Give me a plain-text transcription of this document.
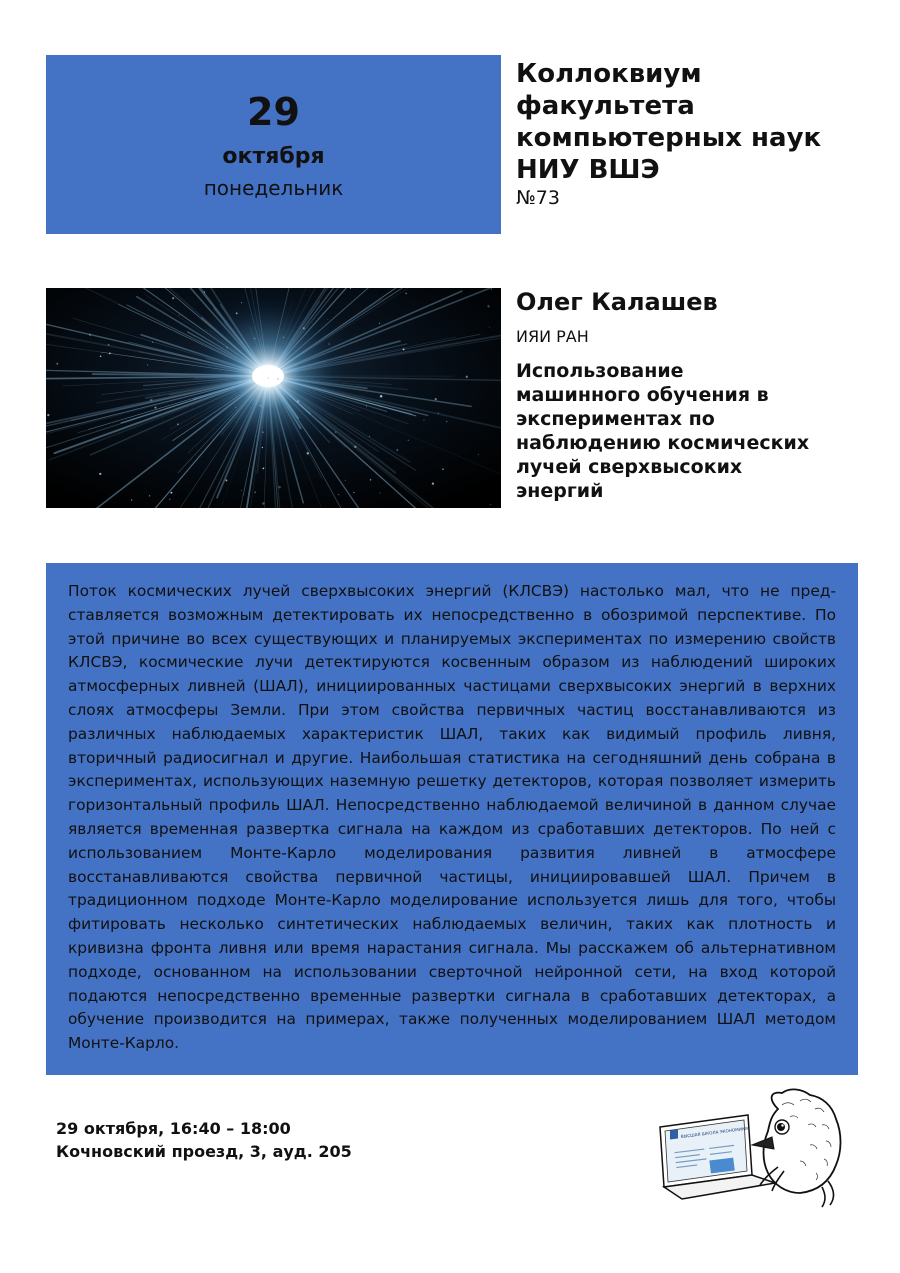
29
октября
понедельник
Коллоквиум
факультета
компьютерных наук
НИУ ВШЭ
№73
Олег Калашев
ИЯИ РАН
Использование
машинного обучения в
экспериментах по
наблюдению космических
лучей сверхвысоких
энергий
Поток космических лучей сверхвысоких энергий (КЛСВЭ) настолько мал, что не представляется возможным детектировать их непосредственно в обозримой перспективе. По этой причине во всех существующих и планируемых экспериментах по измерению свойств КЛСВЭ, космические лучи детектируются косвенным образом из наблюдений широких атмосферных ливней (ШАЛ), инициированных частицами сверхвысоких энергий в верхних слоях атмосферы Земли. При этом свойства первичных частиц восстанавливаются из различных наблюдаемых характеристик ШАЛ, таких как видимый профиль ливня, вторичный радиосигнал и другие. Наибольшая статистика на сегодняшний день собрана в экспериментах, использующих наземную решетку детекторов, которая позволяет измерить горизонтальный профиль ШАЛ. Непосредственно наблюдаемой величиной в данном случае является временная развертка сигнала на каждом из сработавших детекторов. По ней с использованием Монте-Карло моделирования развития ливней в атмосфере восстанавливаются свойства первичной частицы, инициировавшей ШАЛ. Причем в традиционном подходе Монте-Карло моделирование используется лишь для того, чтобы фитировать несколько синтетических наблюдаемых величин, таких как плотность и кривизна фронта ливня или время нарастания сигнала. Мы расскажем об альтернативном подходе, основанном на использовании сверточной нейронной сети, на вход которой подаются непосредственно временные развертки сигнала в сработавших детекторах, а обучение производится на примерах, также полученных моделированием ШАЛ методом Монте-Карло.
29 октября, 16:40 – 18:00
Кочновский проезд, 3, ауд. 205
ВЫСШАЯ ШКОЛА ЭКОНОМИКИ
